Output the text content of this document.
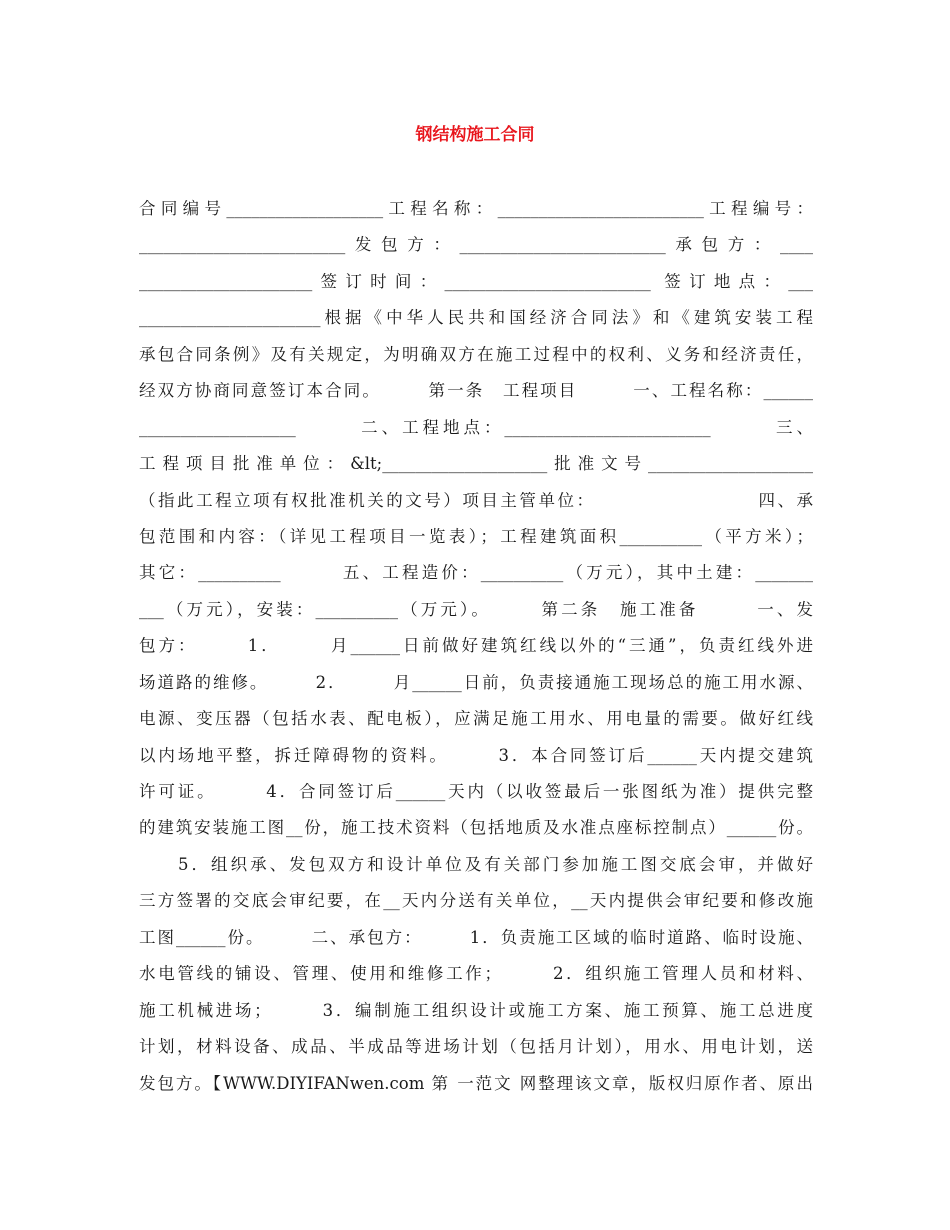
钢结构施工合同
合同编号___________________工程名称：_________________________工程编号：
_________________________发包方：_________________________承包方：____
_____________________签订时间：_________________________ 签订地点：___
______________________根据《中华人民共和国经济合同法》和《建筑安装工程
承包合同条例》及有关规定，为明确双方在施工过程中的权利、义务和经济责任，
经双方协商同意签订本合同。　　　第一条　工程项目　　　一、工程名称：______
___________________　　　二、工程地点：_________________________　　　三、
工程项目批准单位：&lt;____________________批准文号____________________
（指此工程立项有权批准机关的文号）项目主管单位：　　　　　　　　　四、承
包范围和内容：（详见工程项目一览表）；工程建筑面积__________（平方米）；
其它：__________　　　五、工程造价：__________（万元），其中土建：_______
___（万元），安装：__________（万元）。　　　第二条　施工准备　　　一、发
包方：　　　1．　　　月______日前做好建筑红线以外的“三通”，负责红线外进
场道路的维修。　　　2．　　　月______日前，负责接通施工现场总的施工用水源、
电源、变压器（包括水表、配电板），应满足施工用水、用电量的需要。做好红线
以内场地平整，拆迁障碍物的资料。　　　3．本合同签订后______天内提交建筑
许可证。　　　4．合同签订后______天内（以收签最后一张图纸为准）提供完整
的建筑安装施工图__份，施工技术资料（包括地质及水准点座标控制点）______份。
　　5．组织承、发包双方和设计单位及有关部门参加施工图交底会审，并做好
三方签署的交底会审纪要，在__天内分送有关单位，__天内提供会审纪要和修改施
工图______份。　　　二、承包方：　　　1．负责施工区域的临时道路、临时设施、
水电管线的铺设、管理、使用和维修工作；　　　2．组织施工管理人员和材料、
施工机械进场；　　　3．编制施工组织设计或施工方案、施工预算、施工总进度
计划，材料设备、成品、半成品等进场计划（包括月计划），用水、用电计划，送
发包方。【WWW.DIYIFANwen.com 第 一范文 网整理该文章，版权归原作者、原出
